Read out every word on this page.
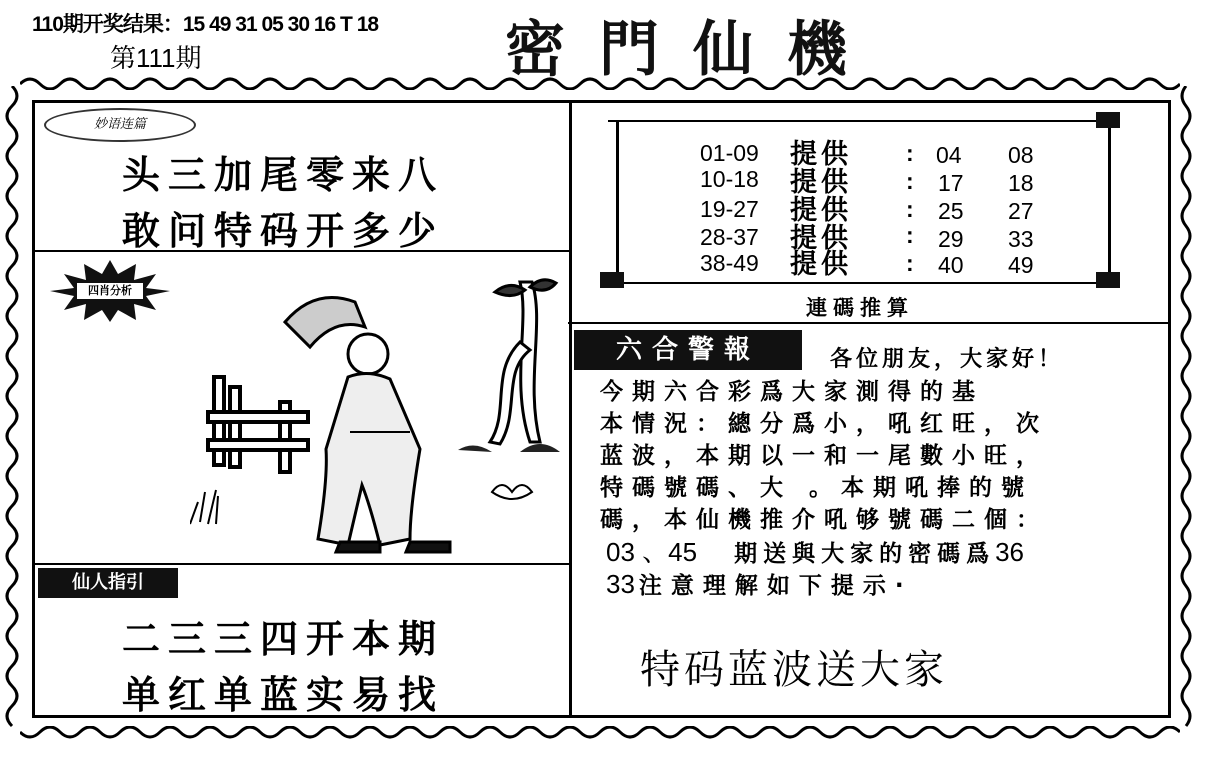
110期开奖结果：15 49 31 05 30 16 T 18
第111期	密門仙機
妙语连篇
头三加尾零来八
敢问特码开多少
四肖分析
仙人指引
二三三四开本期
单红单蓝实易找
01-09 提供 : 04 08
10-18 提供 : 17 18
19-27 提供 : 25 27
28-37 提供 : 29 33
38-49 提供 : 40 49
連碼推算
六合警報	各位朋友，大家好！
今期六合彩爲大家測得的基
本情況：總分爲小，吼红旺，次
蓝波，本期以一和一尾數小旺，
特碼號碼、大 。本期吼捧的號
碼，本仙機推介吼够號碼二個：
03 、45 期送與大家的密碼爲36
33 注意理解如下提示·
特码蓝波送大家
